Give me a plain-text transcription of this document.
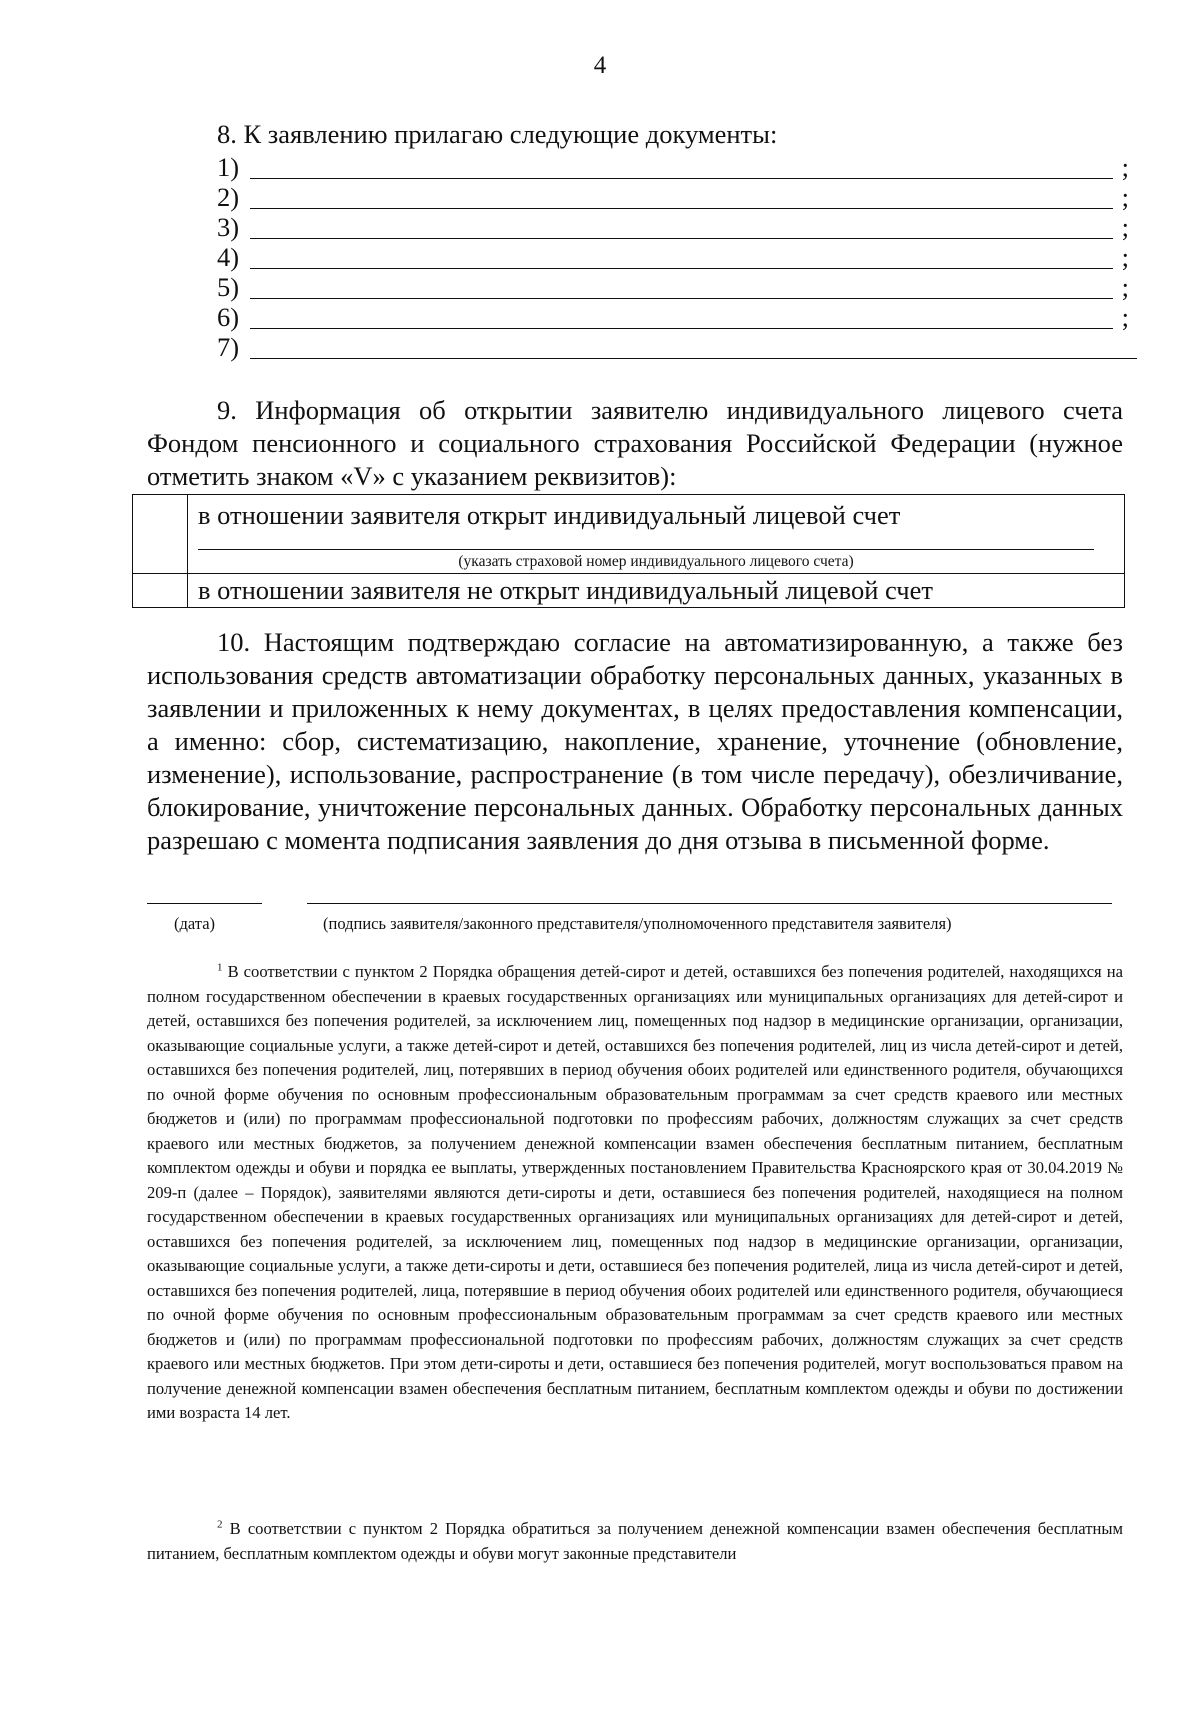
4
8. К заявлению прилагаю следующие документы:
1)	;
2)	;
3)	;
4)	;
5)	;
6)	;
7)
9. Информация об открытии заявителю индивидуального лицевого счета Фондом пенсионного и социального страхования Российской Федерации (нужное отметить знаком «V» с указанием реквизитов):

	в отношении заявителя открыт индивидуальный лицевой счет
(указать страховой номер индивидуального лицевого счета)

	в отношении заявителя не открыт индивидуальный лицевой счет
10. Настоящим подтверждаю согласие на автоматизированную, а также без использования средств автоматизации обработку персональных данных, указанных в заявлении и приложенных к нему документах, в целях предоставления компенсации, а именно: сбор, систематизацию, накопление, хранение, уточнение (обновление, изменение), использование, распространение (в том числе передачу), обезличивание, блокирование, уничтожение персональных данных. Обработку персональных данных разрешаю с момента подписания заявления до дня отзыва в письменной форме.
(дата)	(подпись заявителя/законного представителя/уполномоченного представителя заявителя)
$^1$ В соответствии с пунктом 2 Порядка обращения детей-сирот и детей, оставшихся без попечения родителей, находящихся на полном государственном обеспечении в краевых государственных организациях или муниципальных организациях для детей-сирот и детей, оставшихся без попечения родителей, за исключением лиц, помещенных под надзор в медицинские организации, организации, оказывающие социальные услуги, а также детей-сирот и детей, оставшихся без попечения родителей, лиц из числа детей-сирот и детей, оставшихся без попечения родителей, лиц, потерявших в период обучения обоих родителей или единственного родителя, обучающихся по очной форме обучения по основным профессиональным образовательным программам за счет средств краевого или местных бюджетов и (или) по программам профессиональной подготовки по профессиям рабочих, должностям служащих за счет средств краевого или местных бюджетов, за получением денежной компенсации взамен обеспечения бесплатным питанием, бесплатным комплектом одежды и обуви и порядка ее выплаты, утвержденных постановлением Правительства Красноярского края от 30.04.2019 № 209-п (далее – Порядок), заявителями являются дети-сироты и дети, оставшиеся без попечения родителей, находящиеся на полном государственном обеспечении в краевых государственных организациях или муниципальных организациях для детей-сирот и детей, оставшихся без попечения родителей, за исключением лиц, помещенных под надзор в медицинские организации, организации, оказывающие социальные услуги, а также дети-сироты и дети, оставшиеся без попечения родителей, лица из числа детей-сирот и детей, оставшихся без попечения родителей, лица, потерявшие в период обучения обоих родителей или единственного родителя, обучающиеся по очной форме обучения по основным профессиональным образовательным программам за счет средств краевого или местных бюджетов и (или) по программам профессиональной подготовки по профессиям рабочих, должностям служащих за счет средств краевого или местных бюджетов. При этом дети-сироты и дети, оставшиеся без попечения родителей, могут воспользоваться правом на получение денежной компенсации взамен обеспечения бесплатным питанием, бесплатным комплектом одежды и обуви по достижении ими возраста 14 лет.
$^2$ В соответствии с пунктом 2 Порядка обратиться за получением денежной компенсации взамен обеспечения бесплатным питанием, бесплатным комплектом одежды и обуви могут законные представители
